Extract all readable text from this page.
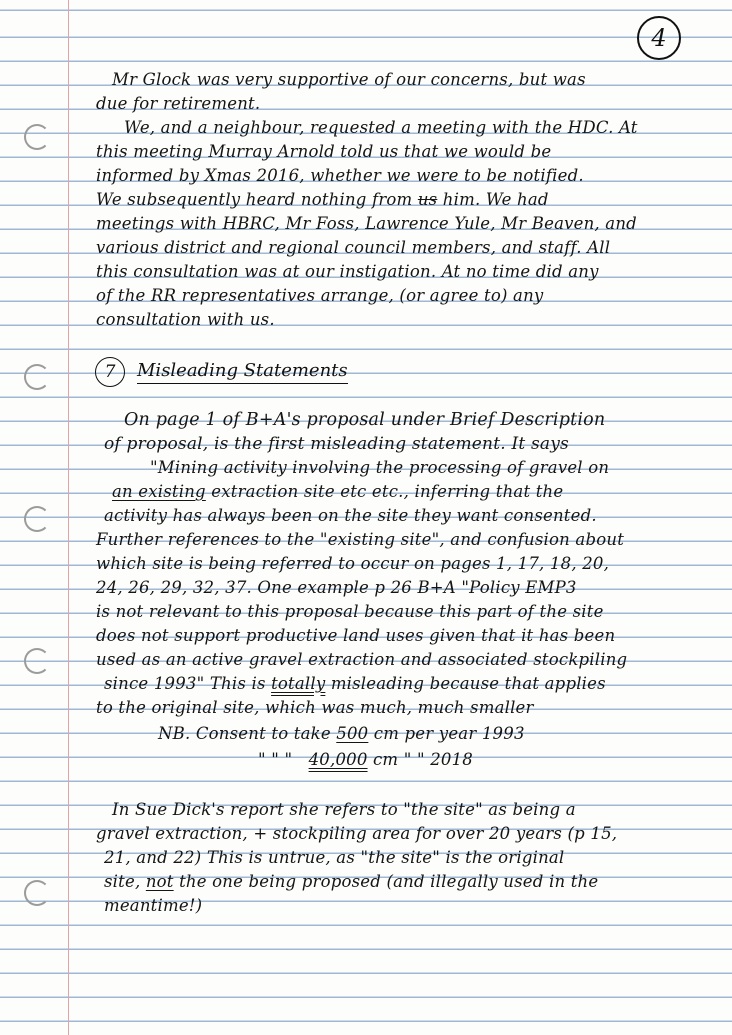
4
Mr Glock was very supportive of our concerns, but was
due for retirement.
We, and a neighbour, requested a meeting with the HDC. At
this meeting Murray Arnold told us that we would be
informed by Xmas 2016, whether we were to be notified.
We subsequently heard nothing from us him. We had
meetings with HBRC, Mr Foss, Lawrence Yule, Mr Beaven, and
various district and regional council members, and staff. All
this consultation was at our instigation. At no time did any
of the RR representatives arrange, (or agree to) any
consultation with us.
7	Misleading Statements
On page 1 of B+A's proposal under Brief Description
of proposal, is the first misleading statement. It says
"Mining activity involving the processing of gravel on
an existing extraction site etc etc., inferring that the
activity has always been on the site they want consented.
Further references to the "existing site", and confusion about
which site is being referred to occur on pages 1, 17, 18, 20,
24, 26, 29, 32, 37. One example p 26 B+A "Policy EMP3
is not relevant to this proposal because this part of the site
does not support productive land uses given that it has been
used as an active gravel extraction and associated stockpiling
since 1993" This is totally misleading because that applies
to the original site, which was much, much smaller
NB. Consent to take 500 cm per year 1993
" " " 40,000 cm " " 2018
In Sue Dick's report she refers to "the site" as being a
gravel extraction, + stockpiling area for over 20 years (p 15,
21, and 22) This is untrue, as "the site" is the original
site, not the one being proposed (and illegally used in the
meantime!)
